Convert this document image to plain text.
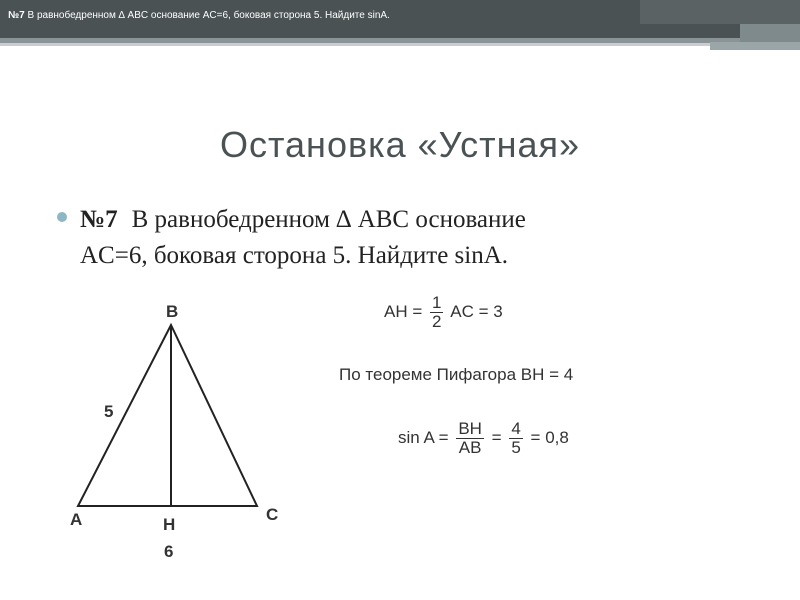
№7 В равнобедренном ∆ ABC основание AC=6, боковая сторона 5. Найдите sinA.
Остановка «Устная»
№7 В равнобедренном ∆ ABC основание
AC=6, боковая сторона 5. Найдите sinA.
B
5
A	C
H
6
AH = $\frac{1}{2}$ AC = 3
По теореме Пифагора BH = 4
$\sin A = \frac{BH}{AB} = \frac{4}{5} = 0,8$
